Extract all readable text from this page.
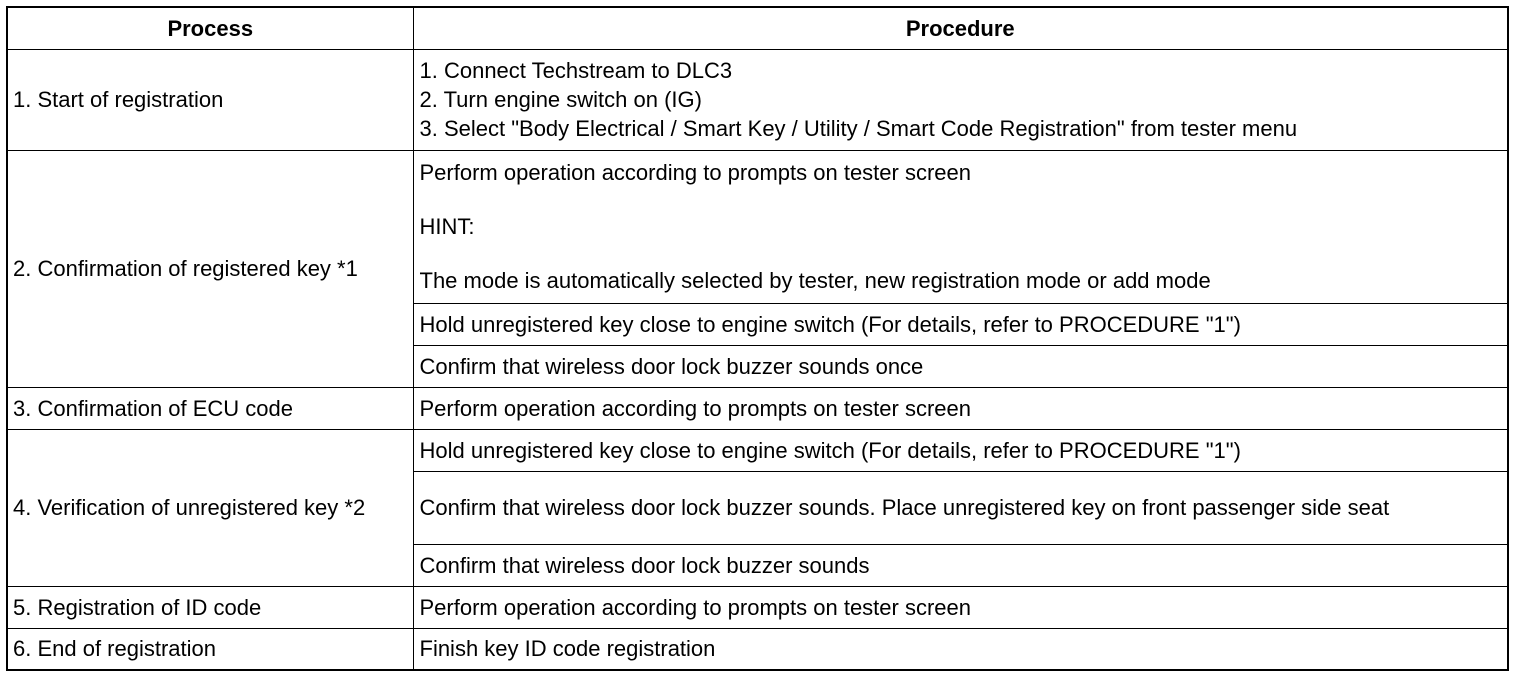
Process	Procedure
1. Start of registration	1. Connect Techstream to DLC3
2. Turn engine switch on (IG)
3. Select "Body Electrical / Smart Key / Utility / Smart Code Registration" from tester menu

2. Confirmation of registered key *1	Perform operation according to prompts on tester screen
HINT:
The mode is automatically selected by tester, new registration mode or add mode

	Hold unregistered key close to engine switch (For details, refer to PROCEDURE "1")
	Confirm that wireless door lock buzzer sounds once
3. Confirmation of ECU code	Perform operation according to prompts on tester screen
4. Verification of unregistered key *2	Hold unregistered key close to engine switch (For details, refer to PROCEDURE "1")
	Confirm that wireless door lock buzzer sounds. Place unregistered key on front passenger side seat
	Confirm that wireless door lock buzzer sounds
5. Registration of ID code	Perform operation according to prompts on tester screen
6. End of registration	Finish key ID code registration
